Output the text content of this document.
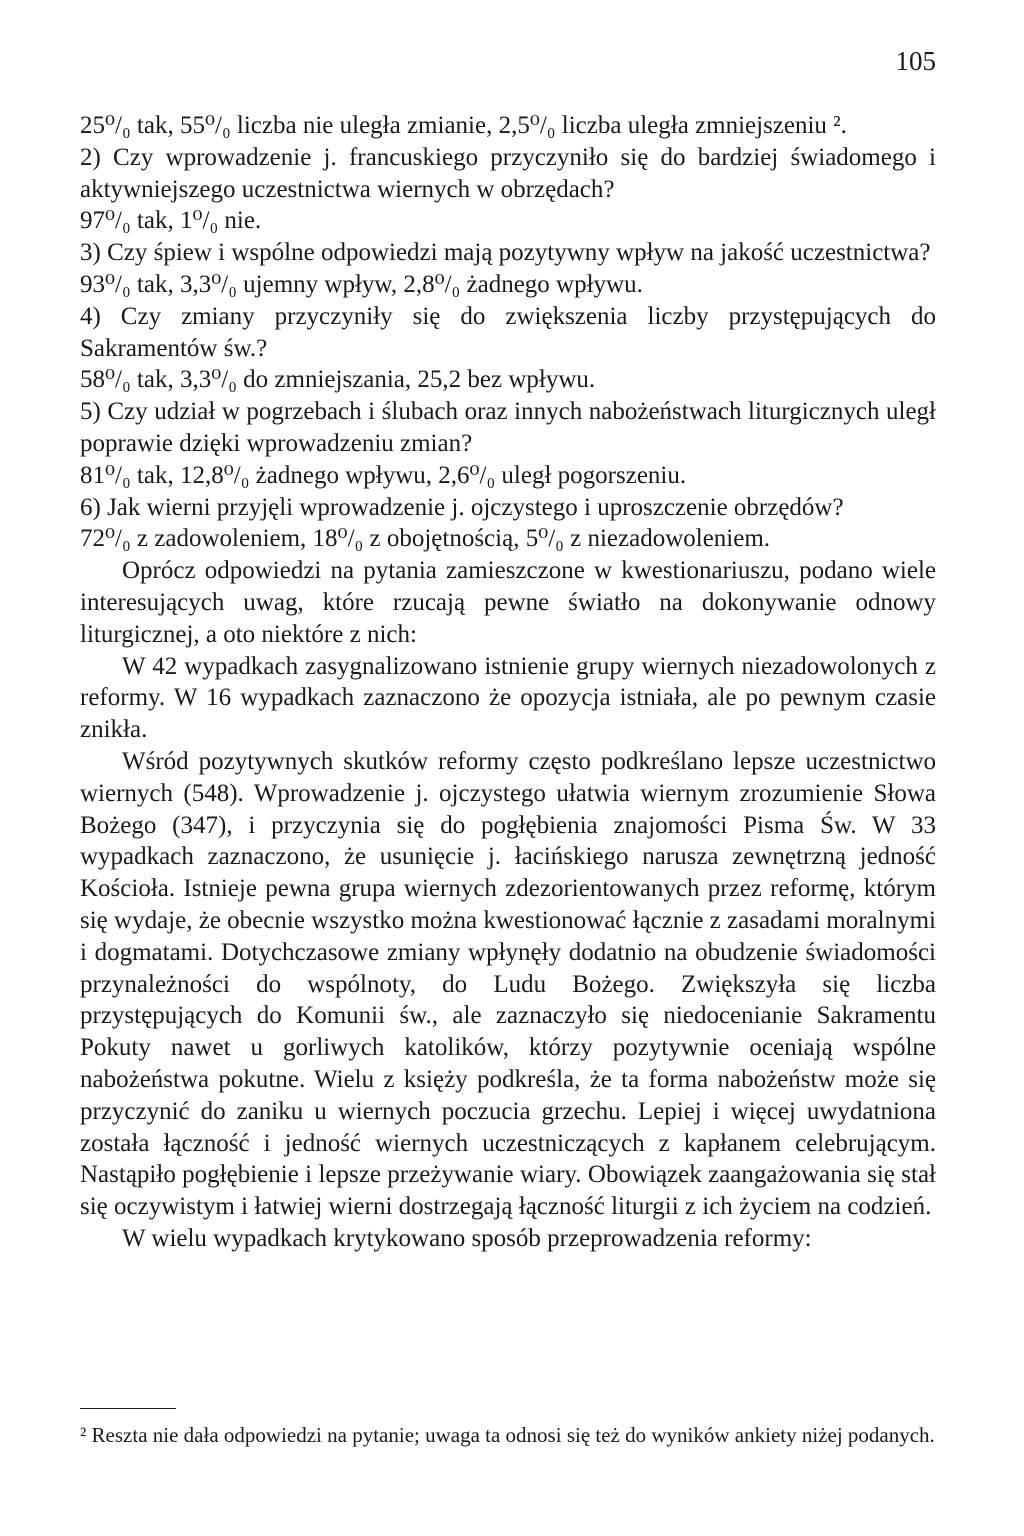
105

25⁰/₀ tak, 55⁰/₀ liczba nie uległa zmianie, 2,5⁰/₀ liczba uległa zmniejszeniu ².

2) Czy wprowadzenie j. francuskiego przyczyniło się do bardziej świadomego i aktywniejszego uczestnictwa wiernych w obrzędach?

97⁰/₀ tak, 1⁰/₀ nie.

3) Czy śpiew i wspólne odpowiedzi mają pozytywny wpływ na jakość uczestnictwa?

93⁰/₀ tak, 3,3⁰/₀ ujemny wpływ, 2,8⁰/₀ żadnego wpływu.

4) Czy zmiany przyczyniły się do zwiększenia liczby przystępujących do Sakramentów św.?

58⁰/₀ tak, 3,3⁰/₀ do zmniejszania, 25,2 bez wpływu.

5) Czy udział w pogrzebach i ślubach oraz innych nabożeństwach liturgicznych uległ poprawie dzięki wprowadzeniu zmian?

81⁰/₀ tak, 12,8⁰/₀ żadnego wpływu, 2,6⁰/₀ uległ pogorszeniu.

6) Jak wierni przyjęli wprowadzenie j. ojczystego i uproszczenie obrzędów?

72⁰/₀ z zadowoleniem, 18⁰/₀ z obojętnością, 5⁰/₀ z niezadowoleniem.

Oprócz odpowiedzi na pytania zamieszczone w kwestionariuszu, podano wiele interesujących uwag, które rzucają pewne światło na dokonywanie odnowy liturgicznej, a oto niektóre z nich:

W 42 wypadkach zasygnalizowano istnienie grupy wiernych niezadowolonych z reformy. W 16 wypadkach zaznaczono że opozycja istniała, ale po pewnym czasie znikła.

Wśród pozytywnych skutków reformy często podkreślano lepsze uczestnictwo wiernych (548). Wprowadzenie j. ojczystego ułatwia wiernym zrozumienie Słowa Bożego (347), i przyczynia się do pogłębienia znajomości Pisma Św. W 33 wypadkach zaznaczono, że usunięcie j. łacińskiego narusza zewnętrzną jedność Kościoła. Istnieje pewna grupa wiernych zdezorientowanych przez reformę, którym się wydaje, że obecnie wszystko można kwestionować łącznie z zasadami moralnymi i dogmatami. Dotychczasowe zmiany wpłynęły dodatnio na obudzenie świadomości przynależności do wspólnoty, do Ludu Bożego. Zwiększyła się liczba przystępujących do Komunii św., ale zaznaczyło się niedocenianie Sakramentu Pokuty nawet u gorliwych katolików, którzy pozytywnie oceniają wspólne nabożeństwa pokutne. Wielu z księży podkreśla, że ta forma nabożeństw może się przyczynić do zaniku u wiernych poczucia grzechu. Lepiej i więcej uwydatniona została łączność i jedność wiernych uczestniczących z kapłanem celebrującym. Nastąpiło pogłębienie i lepsze przeżywanie wiary. Obowiązek zaangażowania się stał się oczywistym i łatwiej wierni dostrzegają łączność liturgii z ich życiem na codzień.

W wielu wypadkach krytykowano sposób przeprowadzenia reformy:

² Reszta nie dała odpowiedzi na pytanie; uwaga ta odnosi się też do wyników ankiety niżej podanych.
